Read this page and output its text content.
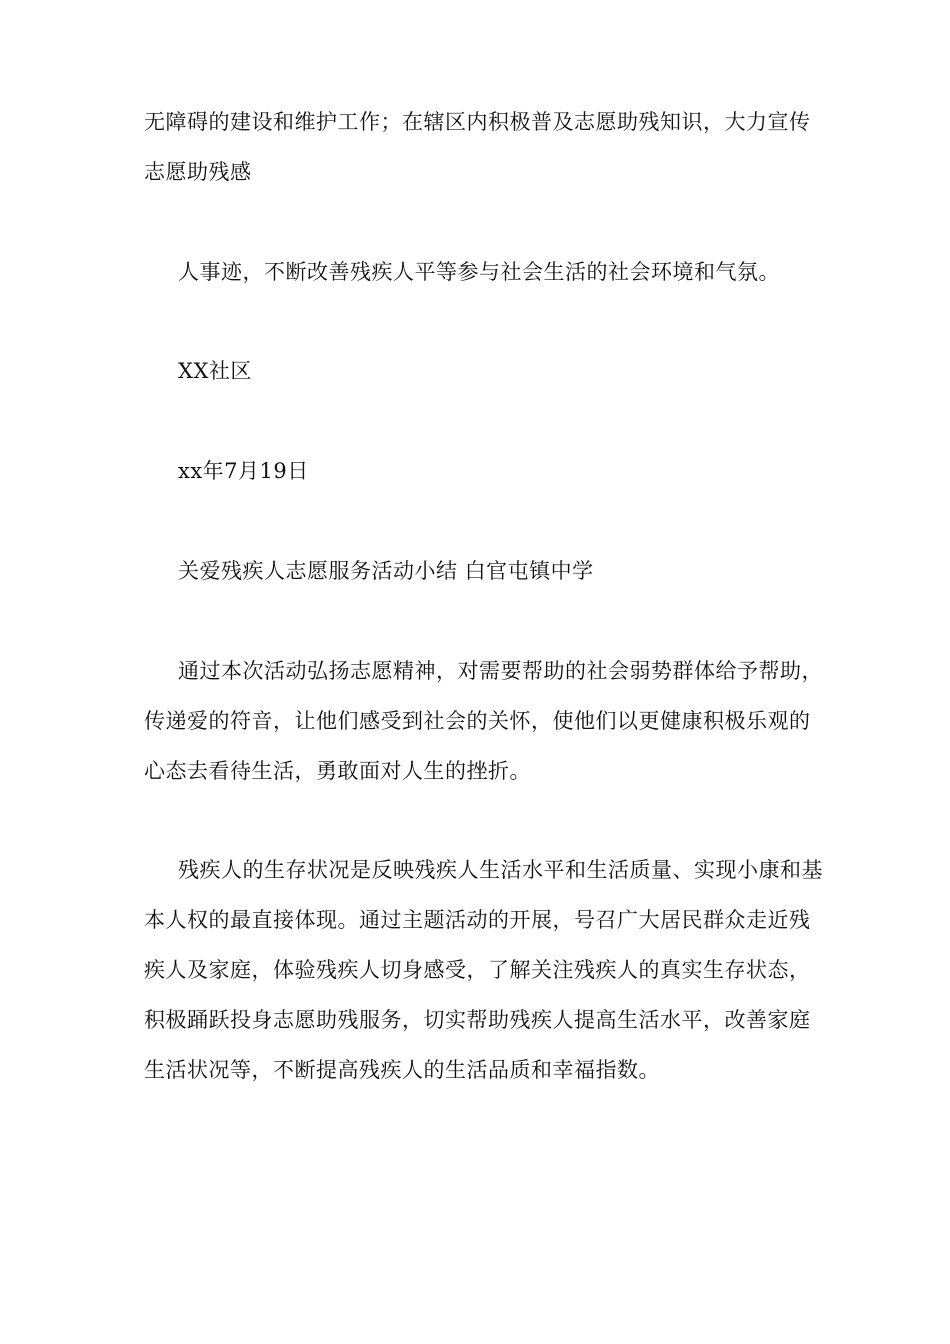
无障碍的建设和维护工作；在辖区内积极普及志愿助残知识，大力宣传志愿助残感

人事迹，不断改善残疾人平等参与社会生活的社会环境和气氛。

XX社区

xx年7月19日

关爱残疾人志愿服务活动小结 白官屯镇中学

通过本次活动弘扬志愿精神，对需要帮助的社会弱势群体给予帮助，传递爱的符音，让他们感受到社会的关怀，使他们以更健康积极乐观的心态去看待生活，勇敢面对人生的挫折。

残疾人的生存状况是反映残疾人生活水平和生活质量、实现小康和基本人权的最直接体现。通过主题活动的开展，号召广大居民群众走近残疾人及家庭，体验残疾人切身感受，了解关注残疾人的真实生存状态，积极踊跃投身志愿助残服务，切实帮助残疾人提高生活水平，改善家庭生活状况等，不断提高残疾人的生活品质和幸福指数。
